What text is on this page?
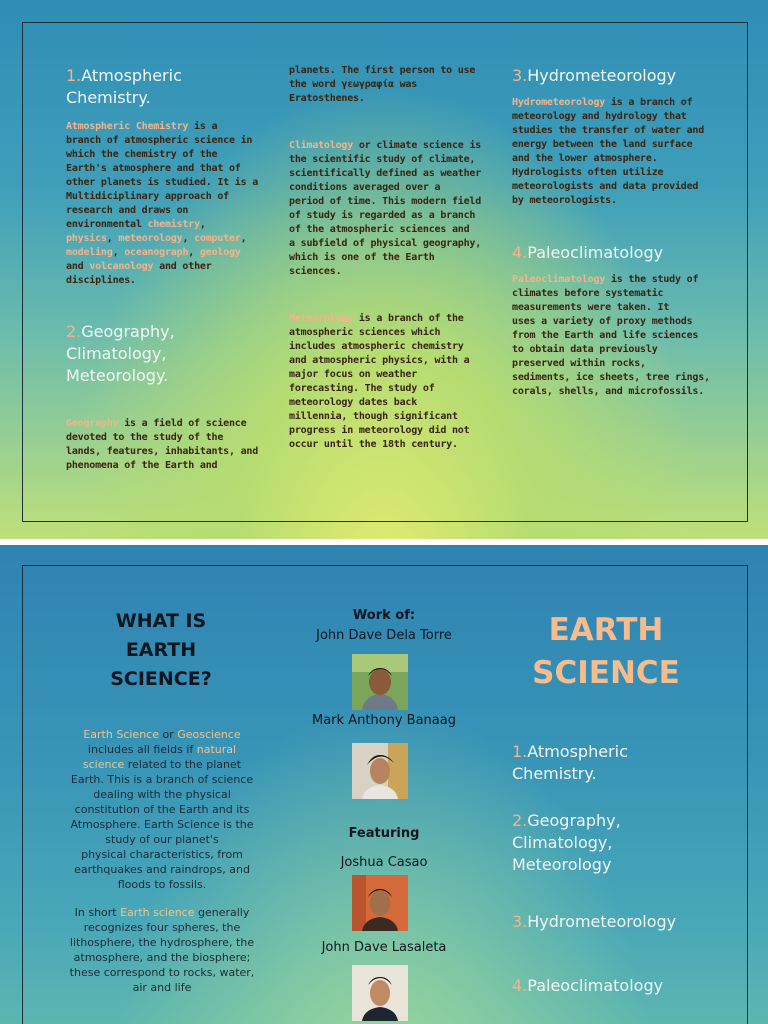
1.Atmospheric
Chemistry.
Atmospheric Chemistry is a
branch of atmospheric science in
which the chemistry of the
Earth's atmosphere and that of
other planets is studied. It is a
Multidiciplinary approach of
research and draws on
environmental chemistry,
physics, meteorology, computer,
modeling, oceanograph, geology
and volcanology and other
disciplines.
2.Geography,
Climatology,
Meteorology.
Geography is a field of science
devoted to the study of the
lands, features, inhabitants, and
phenomena of the Earth and
planets. The first person to use
the word γεωγραφία was
Eratosthenes.
Climatology or climate science is
the scientific study of climate,
scientifically defined as weather
conditions averaged over a
period of time. This modern field
of study is regarded as a branch
of the atmospheric sciences and
a subfield of physical geography,
which is one of the Earth
sciences.
Meteorology is a branch of the
atmospheric sciences which
includes atmospheric chemistry
and atmospheric physics, with a
major focus on weather
forecasting. The study of
meteorology dates back
millennia, though significant
progress in meteorology did not
occur until the 18th century.
3.Hydrometeorology
Hydrometeorology is a branch of
meteorology and hydrology that
studies the transfer of water and
energy between the land surface
and the lower atmosphere.
Hydrologists often utilize
meteorologists and data provided
by meteorologists.
4.Paleoclimatology
Paleoclimatology is the study of
climates before systematic
measurements were taken. It
uses a variety of proxy methods
from the Earth and life sciences
to obtain data previously
preserved within rocks,
sediments, ice sheets, tree rings,
corals, shells, and microfossils.
WHAT IS
EARTH
SCIENCE?
Earth Science or Geoscience
includes all fields if natural
science related to the planet
Earth. This is a branch of science
dealing with the physical
constitution of the Earth and its
Atmosphere. Earth Science is the
study of our planet's
physical characteristics, from
earthquakes and raindrops, and
floods to fossils.
In short Earth science generally
recognizes four spheres, the
lithosphere, the hydrosphere, the
atmosphere, and the biosphere;
these correspond to rocks, water,
air and life
Work of:
John Dave Dela Torre
Mark Anthony Banaag
Featuring
Joshua Casao
John Dave Lasaleta
EARTH
SCIENCE
1.Atmospheric
Chemistry.
2.Geography,
Climatology,
Meteorology
3.Hydrometeorology
4.Paleoclimatology
